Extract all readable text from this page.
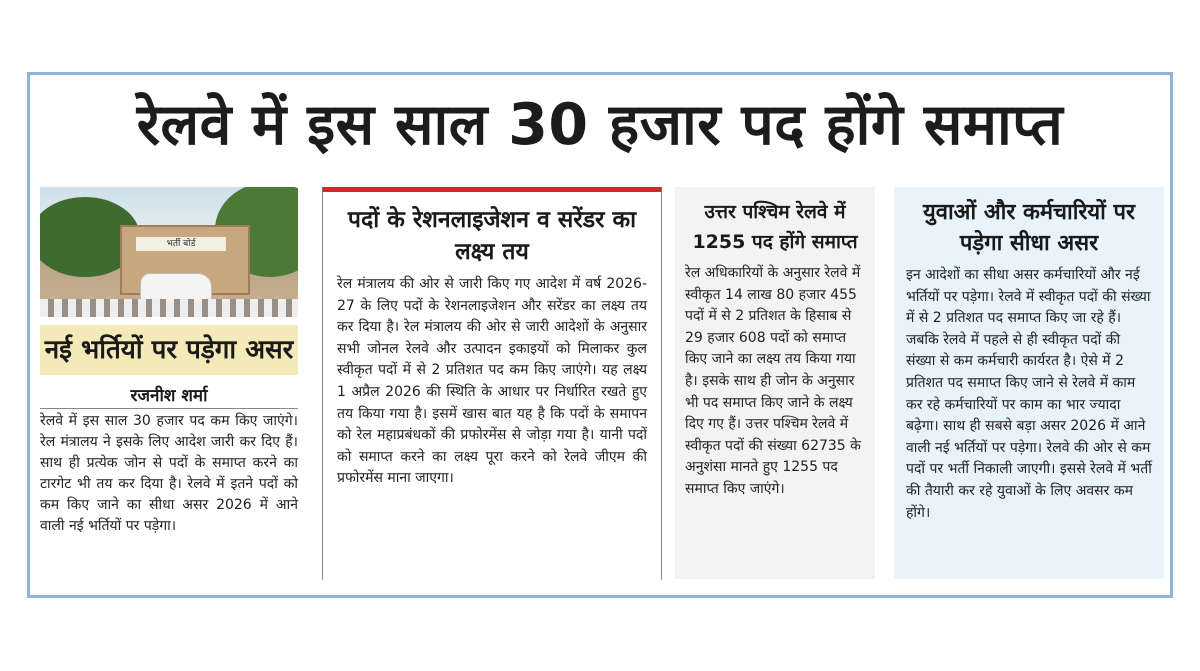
रेलवे में इस साल 30 हजार पद होंगे समाप्त
भर्ती बोर्ड
नई भर्तियों पर पड़ेगा असर
रजनीश शर्मा

रेलवे में इस साल 30 हजार पद कम किए जाएंगे। रेल मंत्रालय ने इसके लिए आदेश जारी कर दिए हैं। साथ ही प्रत्येक जोन से पदों के समाप्त करने का टारगेट भी तय कर दिया है। रेलवे में इतने पदों को कम किए जाने का सीधा असर 2026 में आने वाली नई भर्तियों पर पड़ेगा।

पदों के रेशनलाइजेशन व सरेंडर का लक्ष्य तय

रेल मंत्रालय की ओर से जारी किए गए आदेश में वर्ष 2026-27 के लिए पदों के रेशनलाइजेशन और सरेंडर का लक्ष्य तय कर दिया है। रेल मंत्रालय की ओर से जारी आदेशों के अनुसार सभी जोनल रेलवे और उत्पादन इकाइयों को मिलाकर कुल स्वीकृत पदों में से 2 प्रतिशत पद कम किए जाएंगे। यह लक्ष्य 1 अप्रैल 2026 की स्थिति के आधार पर निर्धारित रखते हुए तय किया गया है। इसमें खास बात यह है कि पदों के समापन को रेल महाप्रबंधकों की प्रफोरमेंस से जोड़ा गया है। यानी पदों को समाप्त करने का लक्ष्य पूरा करने को रेलवे जीएम की प्रफोरमेंस माना जाएगा।

उत्तर पश्चिम रेलवे में 1255 पद होंगे समाप्त

रेल अधिकारियों के अनुसार रेलवे में स्वीकृत 14 लाख 80 हजार 455 पदों में से 2 प्रतिशत के हिसाब से 29 हजार 608 पदों को समाप्त किए जाने का लक्ष्य तय किया गया है। इसके साथ ही जोन के अनुसार भी पद समाप्त किए जाने के लक्ष्य दिए गए हैं। उत्तर पश्चिम रेलवे में स्वीकृत पदों की संख्या 62735 के अनुशंसा मानते हुए 1255 पद समाप्त किए जाएंगे।

युवाओं और कर्मचारियों पर पड़ेगा सीधा असर

इन आदेशों का सीधा असर कर्मचारियों और नई भर्तियों पर पड़ेगा। रेलवे में स्वीकृत पदों की संख्या में से 2 प्रतिशत पद समाप्त किए जा रहे हैं। जबकि रेलवे में पहले से ही स्वीकृत पदों की संख्या से कम कर्मचारी कार्यरत है। ऐसे में 2 प्रतिशत पद समाप्त किए जाने से रेलवे में काम कर रहे कर्मचारियों पर काम का भार ज्यादा बढ़ेगा। साथ ही सबसे बड़ा असर 2026 में आने वाली नई भर्तियों पर पड़ेगा। रेलवे की ओर से कम पदों पर भर्ती निकाली जाएगी। इससे रेलवे में भर्ती की तैयारी कर रहे युवाओं के लिए अवसर कम होंगे।
